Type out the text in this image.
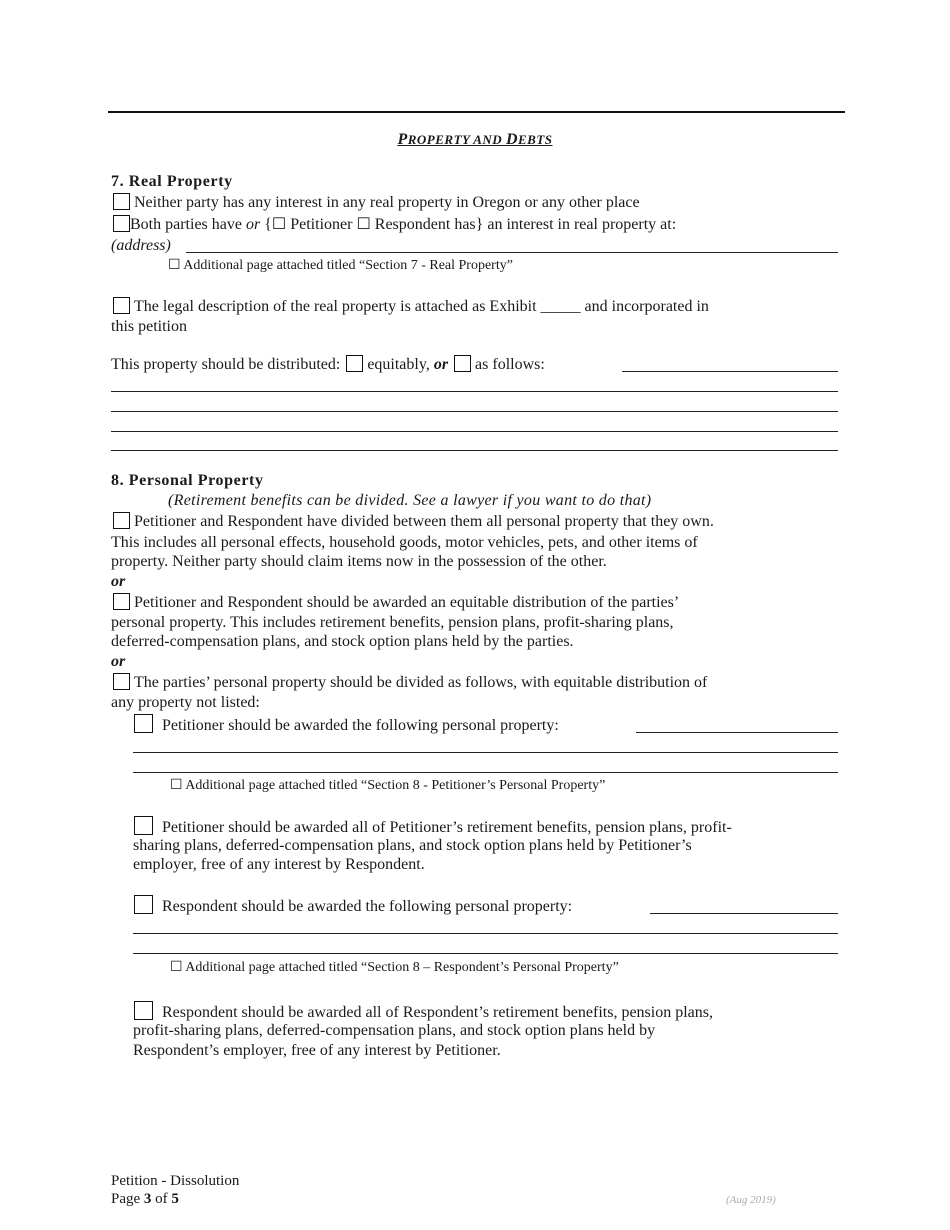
PROPERTY AND DEBTS
7. Real Property
Neither party has any interest in any real property in Oregon or any other place
Both parties have or {☐ Petitioner ☐ Respondent has} an interest in real property at:
(address)
☐ Additional page attached titled “Section 7 - Real Property”
The legal description of the real property is attached as Exhibit _____ and incorporated in
this petition
This property should be distributed: equitably, or as follows:
8. Personal Property
(Retirement benefits can be divided. See a lawyer if you want to do that)
Petitioner and Respondent have divided between them all personal property that they own.
This includes all personal effects, household goods, motor vehicles, pets, and other items of
property. Neither party should claim items now in the possession of the other.
or
Petitioner and Respondent should be awarded an equitable distribution of the parties’
personal property. This includes retirement benefits, pension plans, profit-sharing plans,
deferred-compensation plans, and stock option plans held by the parties.
or
The parties’ personal property should be divided as follows, with equitable distribution of
any property not listed:
Petitioner should be awarded the following personal property:
☐ Additional page attached titled “Section 8 - Petitioner’s Personal Property”
Petitioner should be awarded all of Petitioner’s retirement benefits, pension plans, profit-
sharing plans, deferred-compensation plans, and stock option plans held by Petitioner’s
employer, free of any interest by Respondent.
Respondent should be awarded the following personal property:
☐ Additional page attached titled “Section 8 – Respondent’s Personal Property”
Respondent should be awarded all of Respondent’s retirement benefits, pension plans,
profit-sharing plans, deferred-compensation plans, and stock option plans held by
Respondent’s employer, free of any interest by Petitioner.
Petition - Dissolution
Page 3 of 5	(Aug 2019)
